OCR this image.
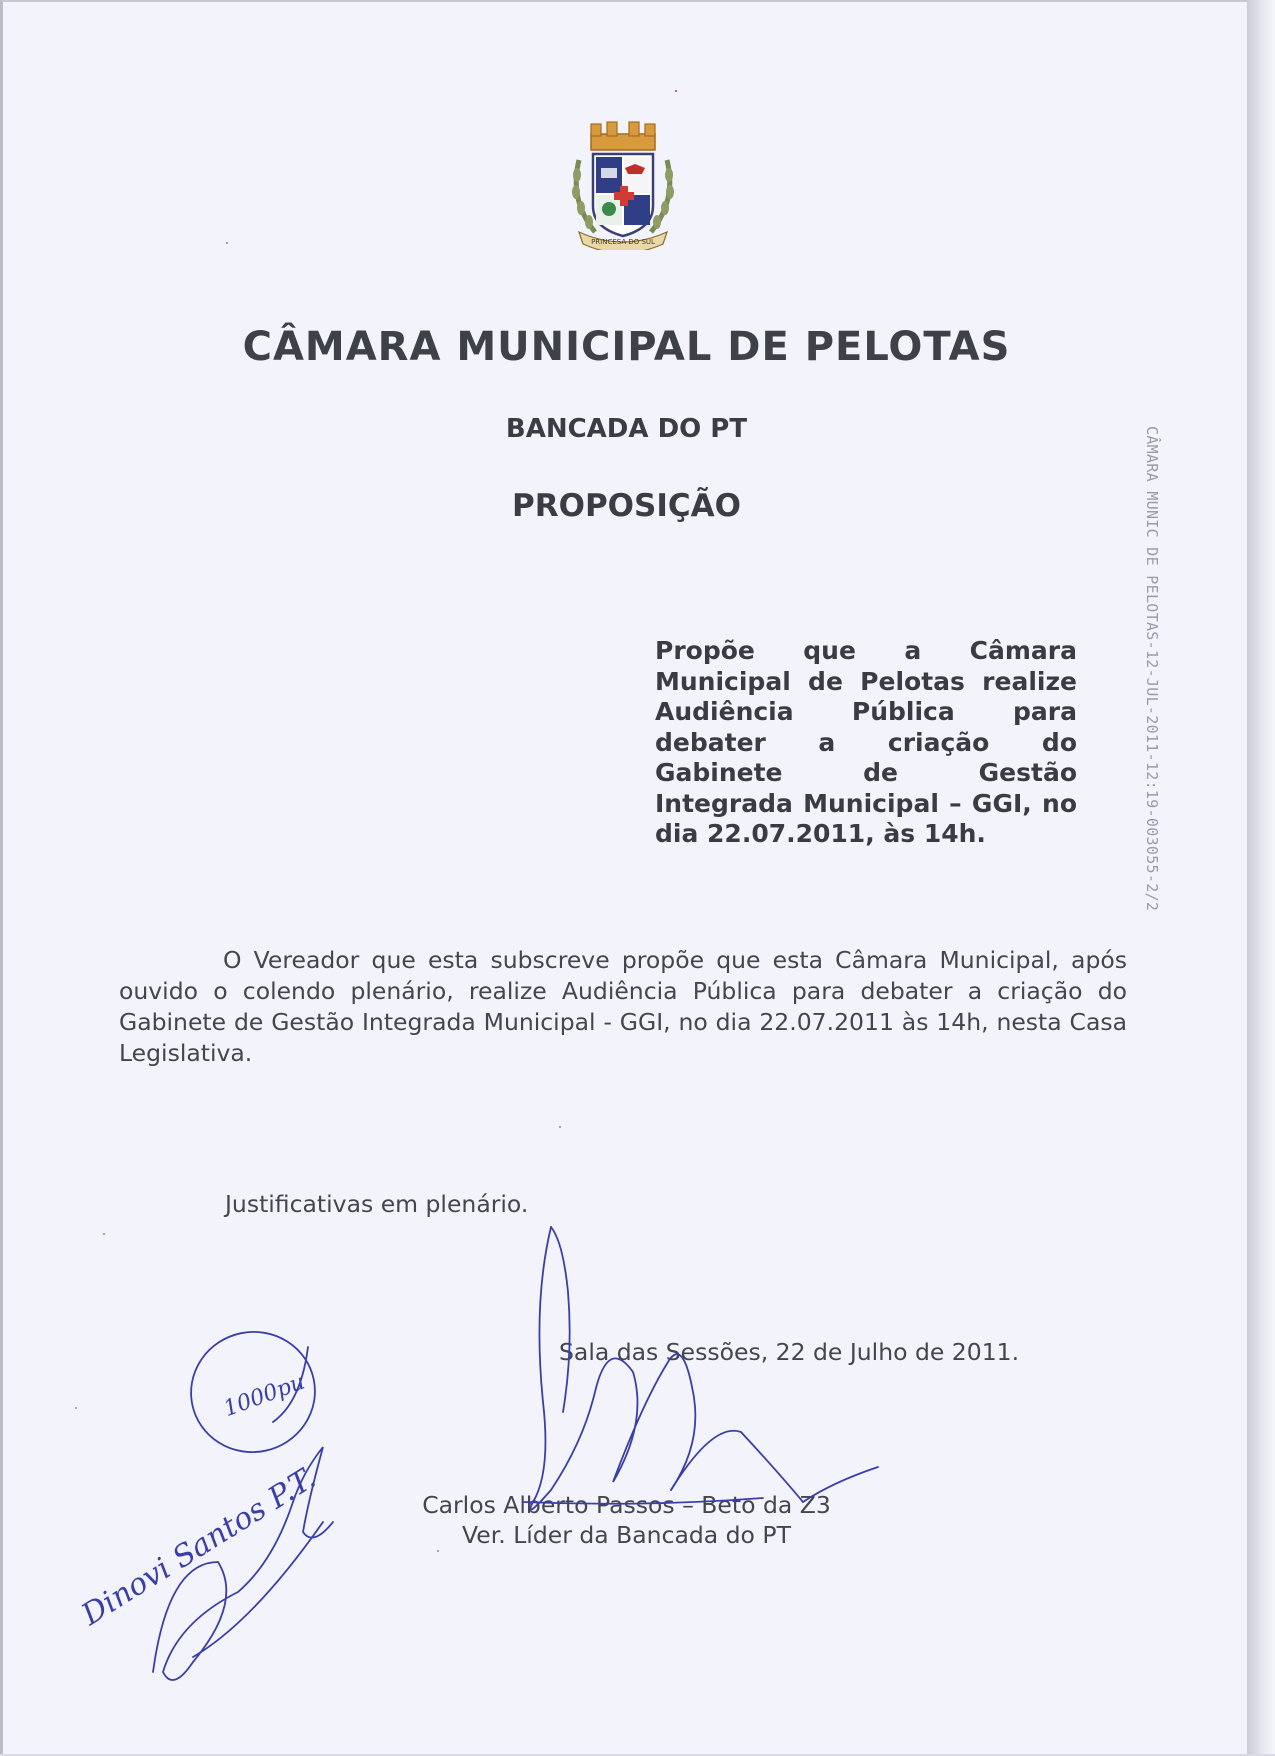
PRINCESA DO SUL
CÂMARA MUNICIPAL DE PELOTAS
BANCADA DO PT
PROPOSIÇÃO
Propõe que a Câmara Municipal de Pelotas realize Audiência Pública para debater a criação do Gabinete de Gestão Integrada Municipal – GGI, no dia 22.07.2011, às 14h.
O Vereador que esta subscreve propõe que esta Câmara Municipal, após ouvido o colendo plenário, realize Audiência Pública para debater a criação do Gabinete de Gestão Integrada Municipal - GGI, no dia 22.07.2011 às 14h, nesta Casa Legislativa.
Justificativas em plenário.
Sala das Sessões, 22 de Julho de 2011.
Carlos Alberto Passos – Beto da Z3
Ver. Líder da Bancada do PT
CÂMARA MUNIC DE PELOTAS-12-JUL-2011-12:19-003055-2/2
1000pu
Dinovi Santos P.T.
